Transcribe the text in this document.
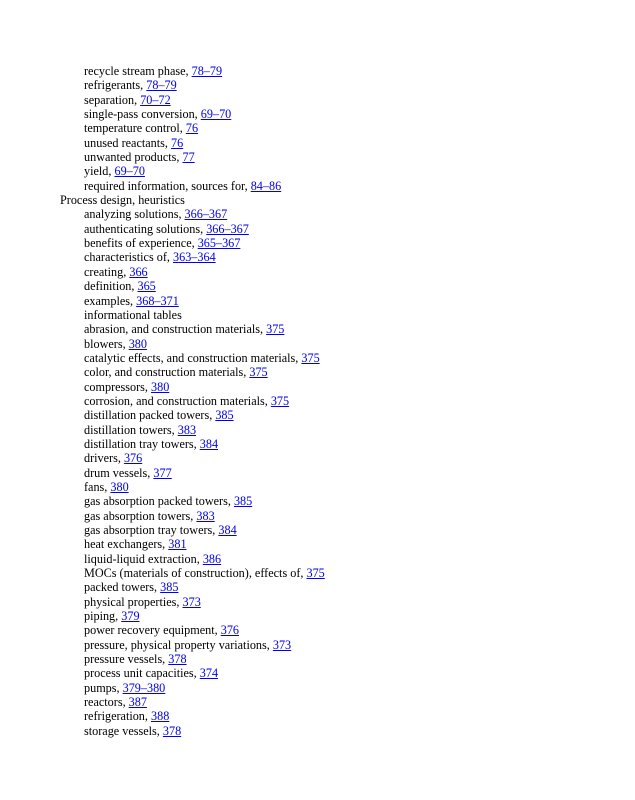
recycle stream phase, 78–79
refrigerants, 78–79
separation, 70–72
single-pass conversion, 69–70
temperature control, 76
unused reactants, 76
unwanted products, 77
yield, 69–70
required information, sources for, 84–86
Process design, heuristics
analyzing solutions, 366–367
authenticating solutions, 366–367
benefits of experience, 365–367
characteristics of, 363–364
creating, 366
definition, 365
examples, 368–371
informational tables
abrasion, and construction materials, 375
blowers, 380
catalytic effects, and construction materials, 375
color, and construction materials, 375
compressors, 380
corrosion, and construction materials, 375
distillation packed towers, 385
distillation towers, 383
distillation tray towers, 384
drivers, 376
drum vessels, 377
fans, 380
gas absorption packed towers, 385
gas absorption towers, 383
gas absorption tray towers, 384
heat exchangers, 381
liquid-liquid extraction, 386
MOCs (materials of construction), effects of, 375
packed towers, 385
physical properties, 373
piping, 379
power recovery equipment, 376
pressure, physical property variations, 373
pressure vessels, 378
process unit capacities, 374
pumps, 379–380
reactors, 387
refrigeration, 388
storage vessels, 378
